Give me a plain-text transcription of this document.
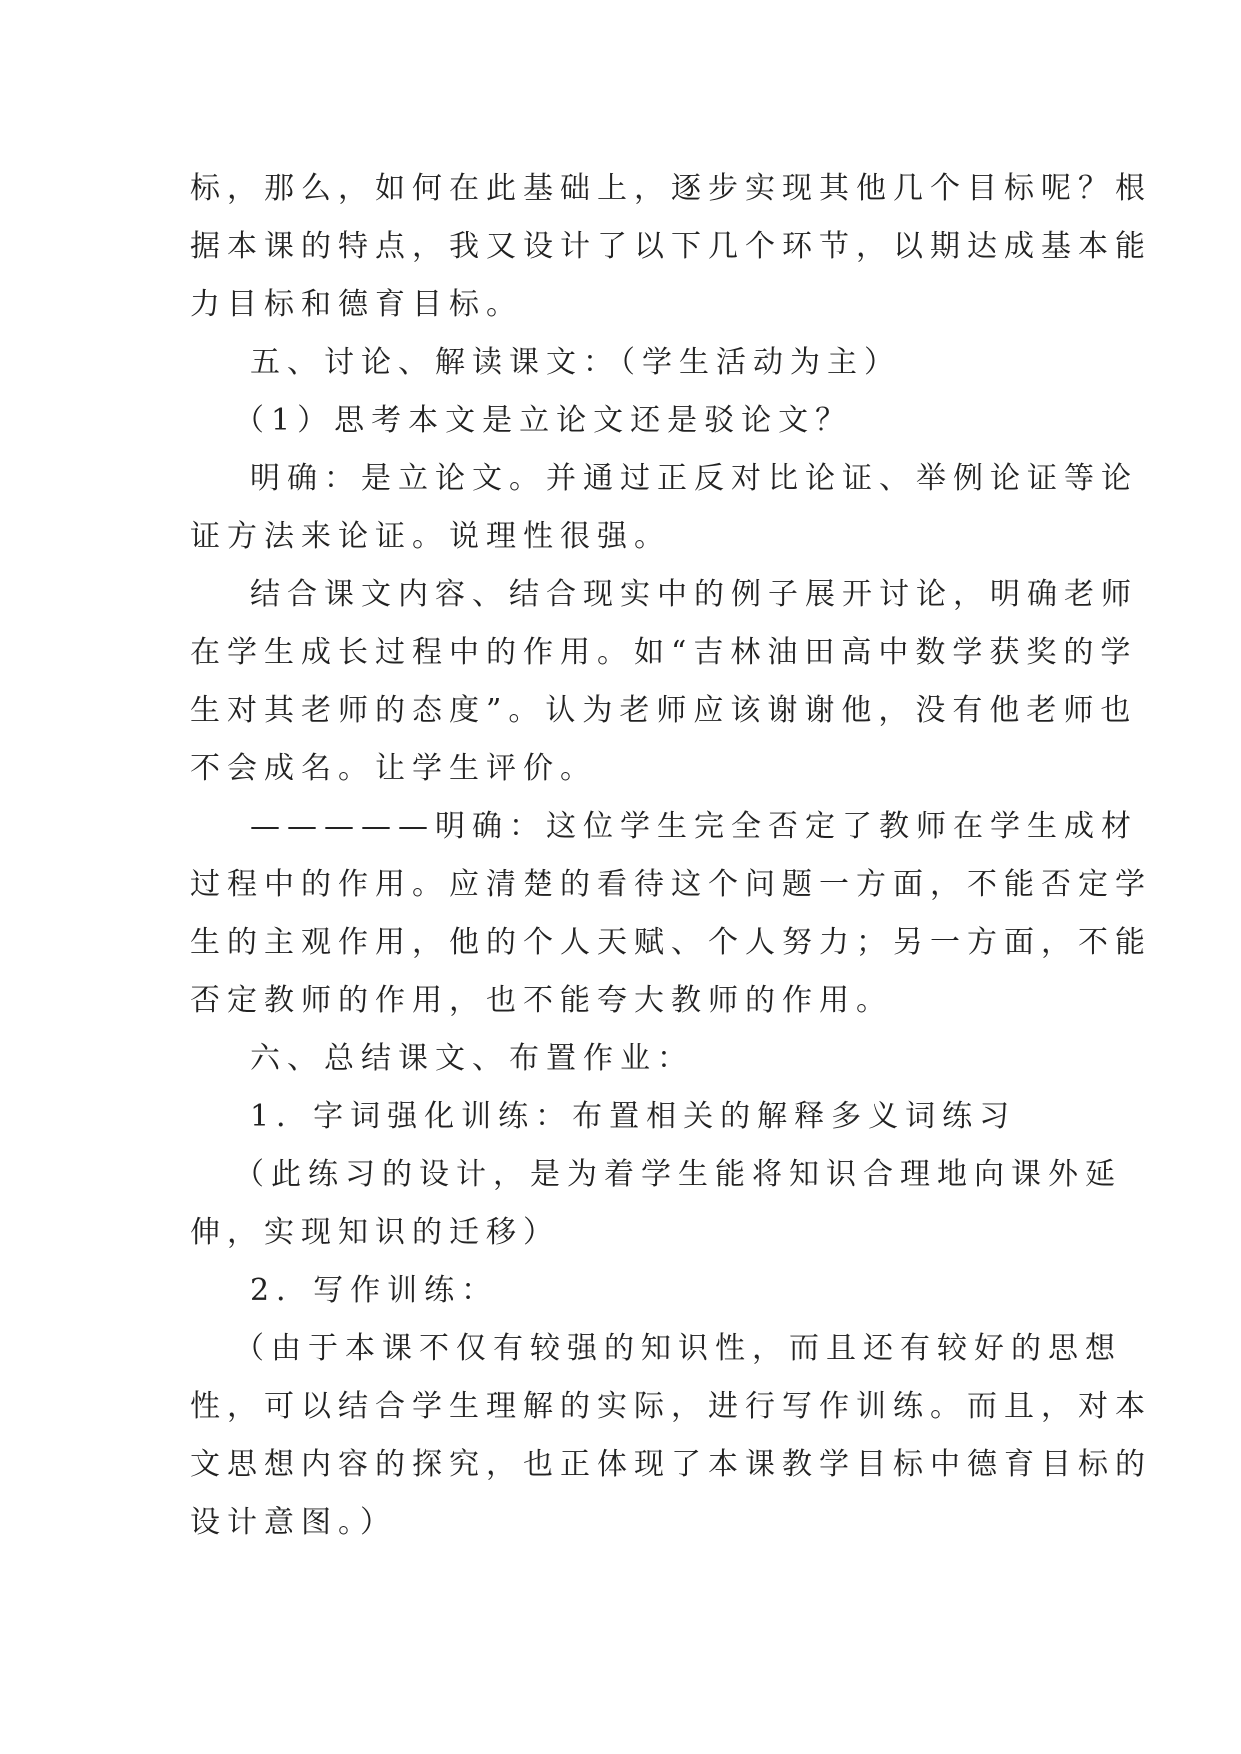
标，那么，如何在此基础上，逐步实现其他几个目标呢？根

据本课的特点，我又设计了以下几个环节，以期达成基本能

力目标和德育目标。

五、讨论、解读课文：（学生活动为主）

（1）思考本文是立论文还是驳论文？

明确：是立论文。并通过正反对比论证、举例论证等论

证方法来论证。说理性很强。

结合课文内容、结合现实中的例子展开讨论，明确老师

在学生成长过程中的作用。如“吉林油田高中数学获奖的学

生对其老师的态度”。认为老师应该谢谢他，没有他老师也

不会成名。让学生评价。

—————明确：这位学生完全否定了教师在学生成材

过程中的作用。应清楚的看待这个问题一方面，不能否定学

生的主观作用，他的个人天赋、个人努力；另一方面，不能

否定教师的作用，也不能夸大教师的作用。

六、总结课文、布置作业：

1．字词强化训练：布置相关的解释多义词练习

（此练习的设计，是为着学生能将知识合理地向课外延

伸，实现知识的迁移）

2．写作训练：

（由于本课不仅有较强的知识性，而且还有较好的思想

性，可以结合学生理解的实际，进行写作训练。而且，对本

文思想内容的探究，也正体现了本课教学目标中德育目标的

设计意图。）
